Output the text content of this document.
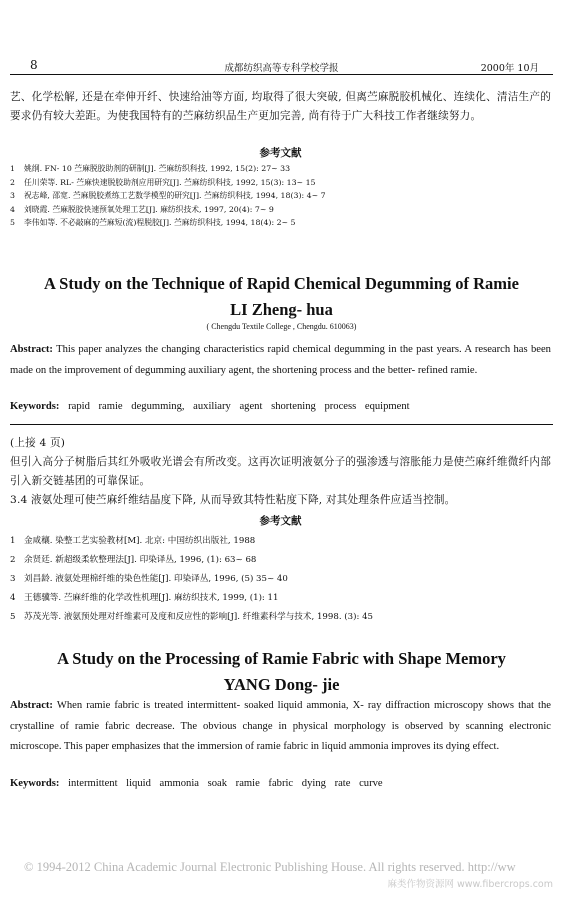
8	成都纺织高等专科学校学报	2000年 10月
艺、化学松解, 还是在牵伸开纤、快速给油等方面, 均取得了很大突破, 但离苎麻脱胶机械化、连续化、清洁生产的要求仍有较大差距。为使我国特有的苎麻纺织品生产更加完善, 尚有待于广大科技工作者继续努力。
参考文献
1	姚纲. FN- 10 苎麻脱胶助剂的研制[J]. 苎麻纺织科技, 1992, 15(2): 27~ 33
2	任川荣等. RL- 苎麻快速脱胶助剂应用研究[J]. 苎麻纺织科技, 1992, 15(3): 13~ 15
3	祝志峰, 邵宽. 苎麻脱胶煮练工艺数学模型的研究[J]. 苎麻纺织科技, 1994, 18(3): 4~ 7
4	刘晓霞. 苎麻脱胶快速预氧处理工艺[J]. 麻纺织技术, 1997, 20(4): 7~ 9
5	李伟如等. 不必敲麻的苎麻短(流)程脱胶[J]. 苎麻纺织科技, 1994, 18(4): 2~ 5
A Study on the Technique of Rapid Chemical Degumming of Ramie
LI Zheng- hua
( Chengdu Textile College , Chengdu. 610063)
Abstract: This paper analyzes the changing characteristics rapid chemical degumming in the past years. A research has been made on the improvement of degumming auxiliary agent, the shortening process and the better- refined ramie.
Keywords: rapid ramie degumming, auxiliary agent shortening process equipment
(上接 4 页)
但引入高分子树脂后其红外吸收光谱会有所改变。这再次证明液氨分子的强渗透与溶胀能力是使苎麻纤维微纤内部引入新交链基团的可靠保证。
3.4 液氨处理可使苎麻纤维结晶度下降, 从而导致其特性粘度下降, 对其处理条件应适当控制。
参考文献
1 金咸穰. 染整工艺实验教材[M]. 北京: 中国纺织出版社, 1988
2 余贤廷. 新超级柔软整理法[J]. 印染译丛, 1996, (1): 63~ 68
3 刘昌龄. 液氨处理棉纤维的染色性能[J]. 印染译丛, 1996, (5) 35~ 40
4 王德骥等. 苎麻纤维的化学改性机理[J]. 麻纺织技术, 1999, (1): 11
5 苏茂光等. 液氨预处理对纤维素可及度和反应性的影响[J]. 纤维素科学与技术, 1998. (3): 45
A Study on the Processing of Ramie Fabric with Shape Memory
YANG Dong- jie
Abstract: When ramie fabric is treated intermittent- soaked liquid ammonia, X- ray diffraction microscopy shows that the crystalline of ramie fabric decrease. The obvious change in physical morphology is observed by scanning electronic microscope. This paper emphasizes that the immersion of ramie fabric in liquid ammonia improves its dying effect.
Keywords: intermittent liquid ammonia soak ramie fabric dying rate curve
© 1994-2012 China Academic Journal Electronic Publishing House. All rights reserved. http://ww
麻类作物资源网 www.fibercrops.com
